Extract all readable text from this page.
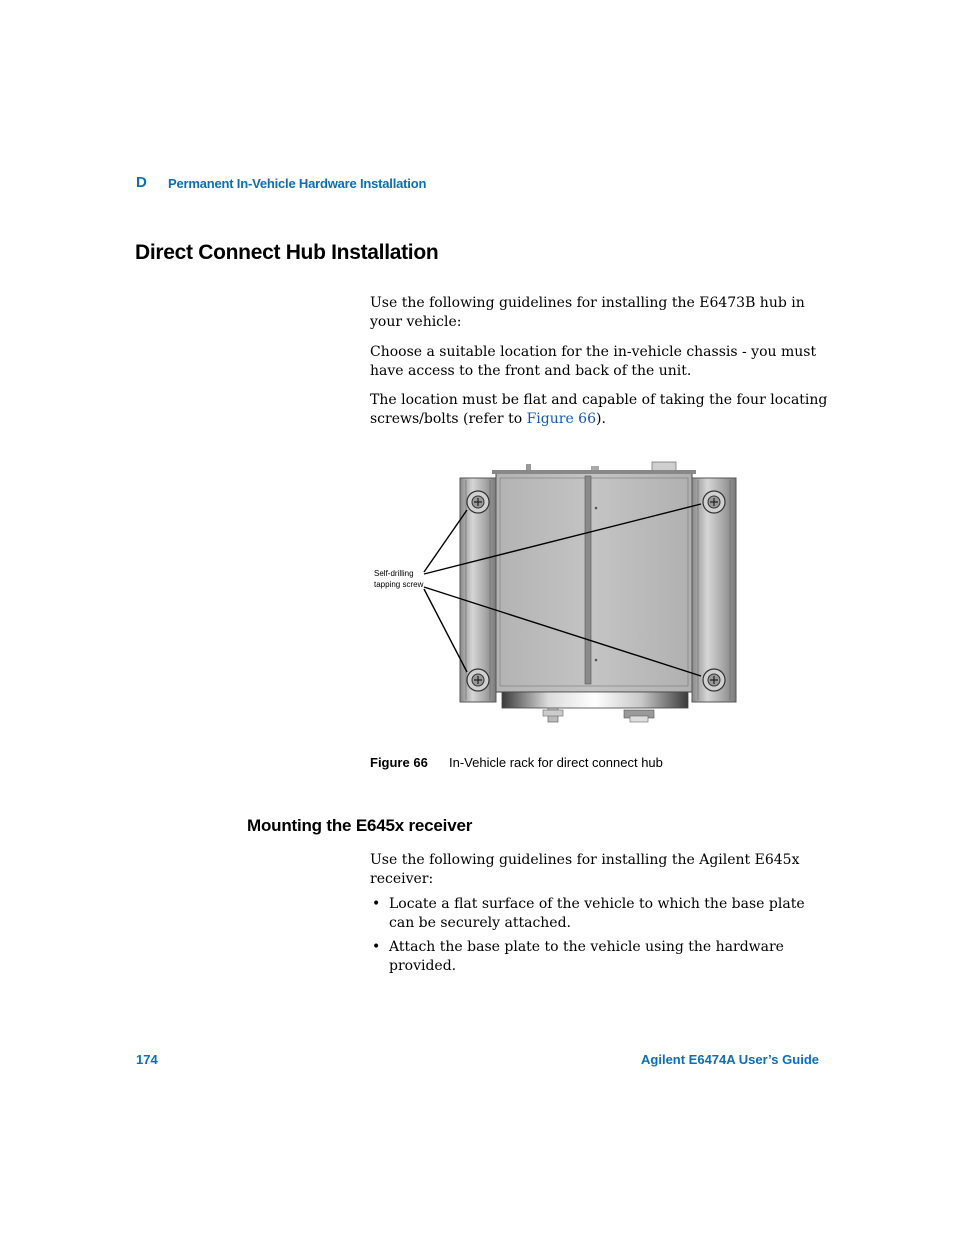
D Permanent In-Vehicle Hardware Installation
Direct Connect Hub Installation
Use the following guidelines for installing the E6473B hub in your vehicle:
Choose a suitable location for the in-vehicle chassis - you must have access to the front and back of the unit.
The location must be flat and capable of taking the four locating screws/bolts (refer to Figure 66).
Self-drilling
tapping screw
Figure 66 In-Vehicle rack for direct connect hub
Mounting the E645x receiver
Use the following guidelines for installing the Agilent E645x receiver:
• Locate a flat surface of the vehicle to which the base plate can be securely attached.
• Attach the base plate to the vehicle using the hardware provided.
174	Agilent E6474A User’s Guide
